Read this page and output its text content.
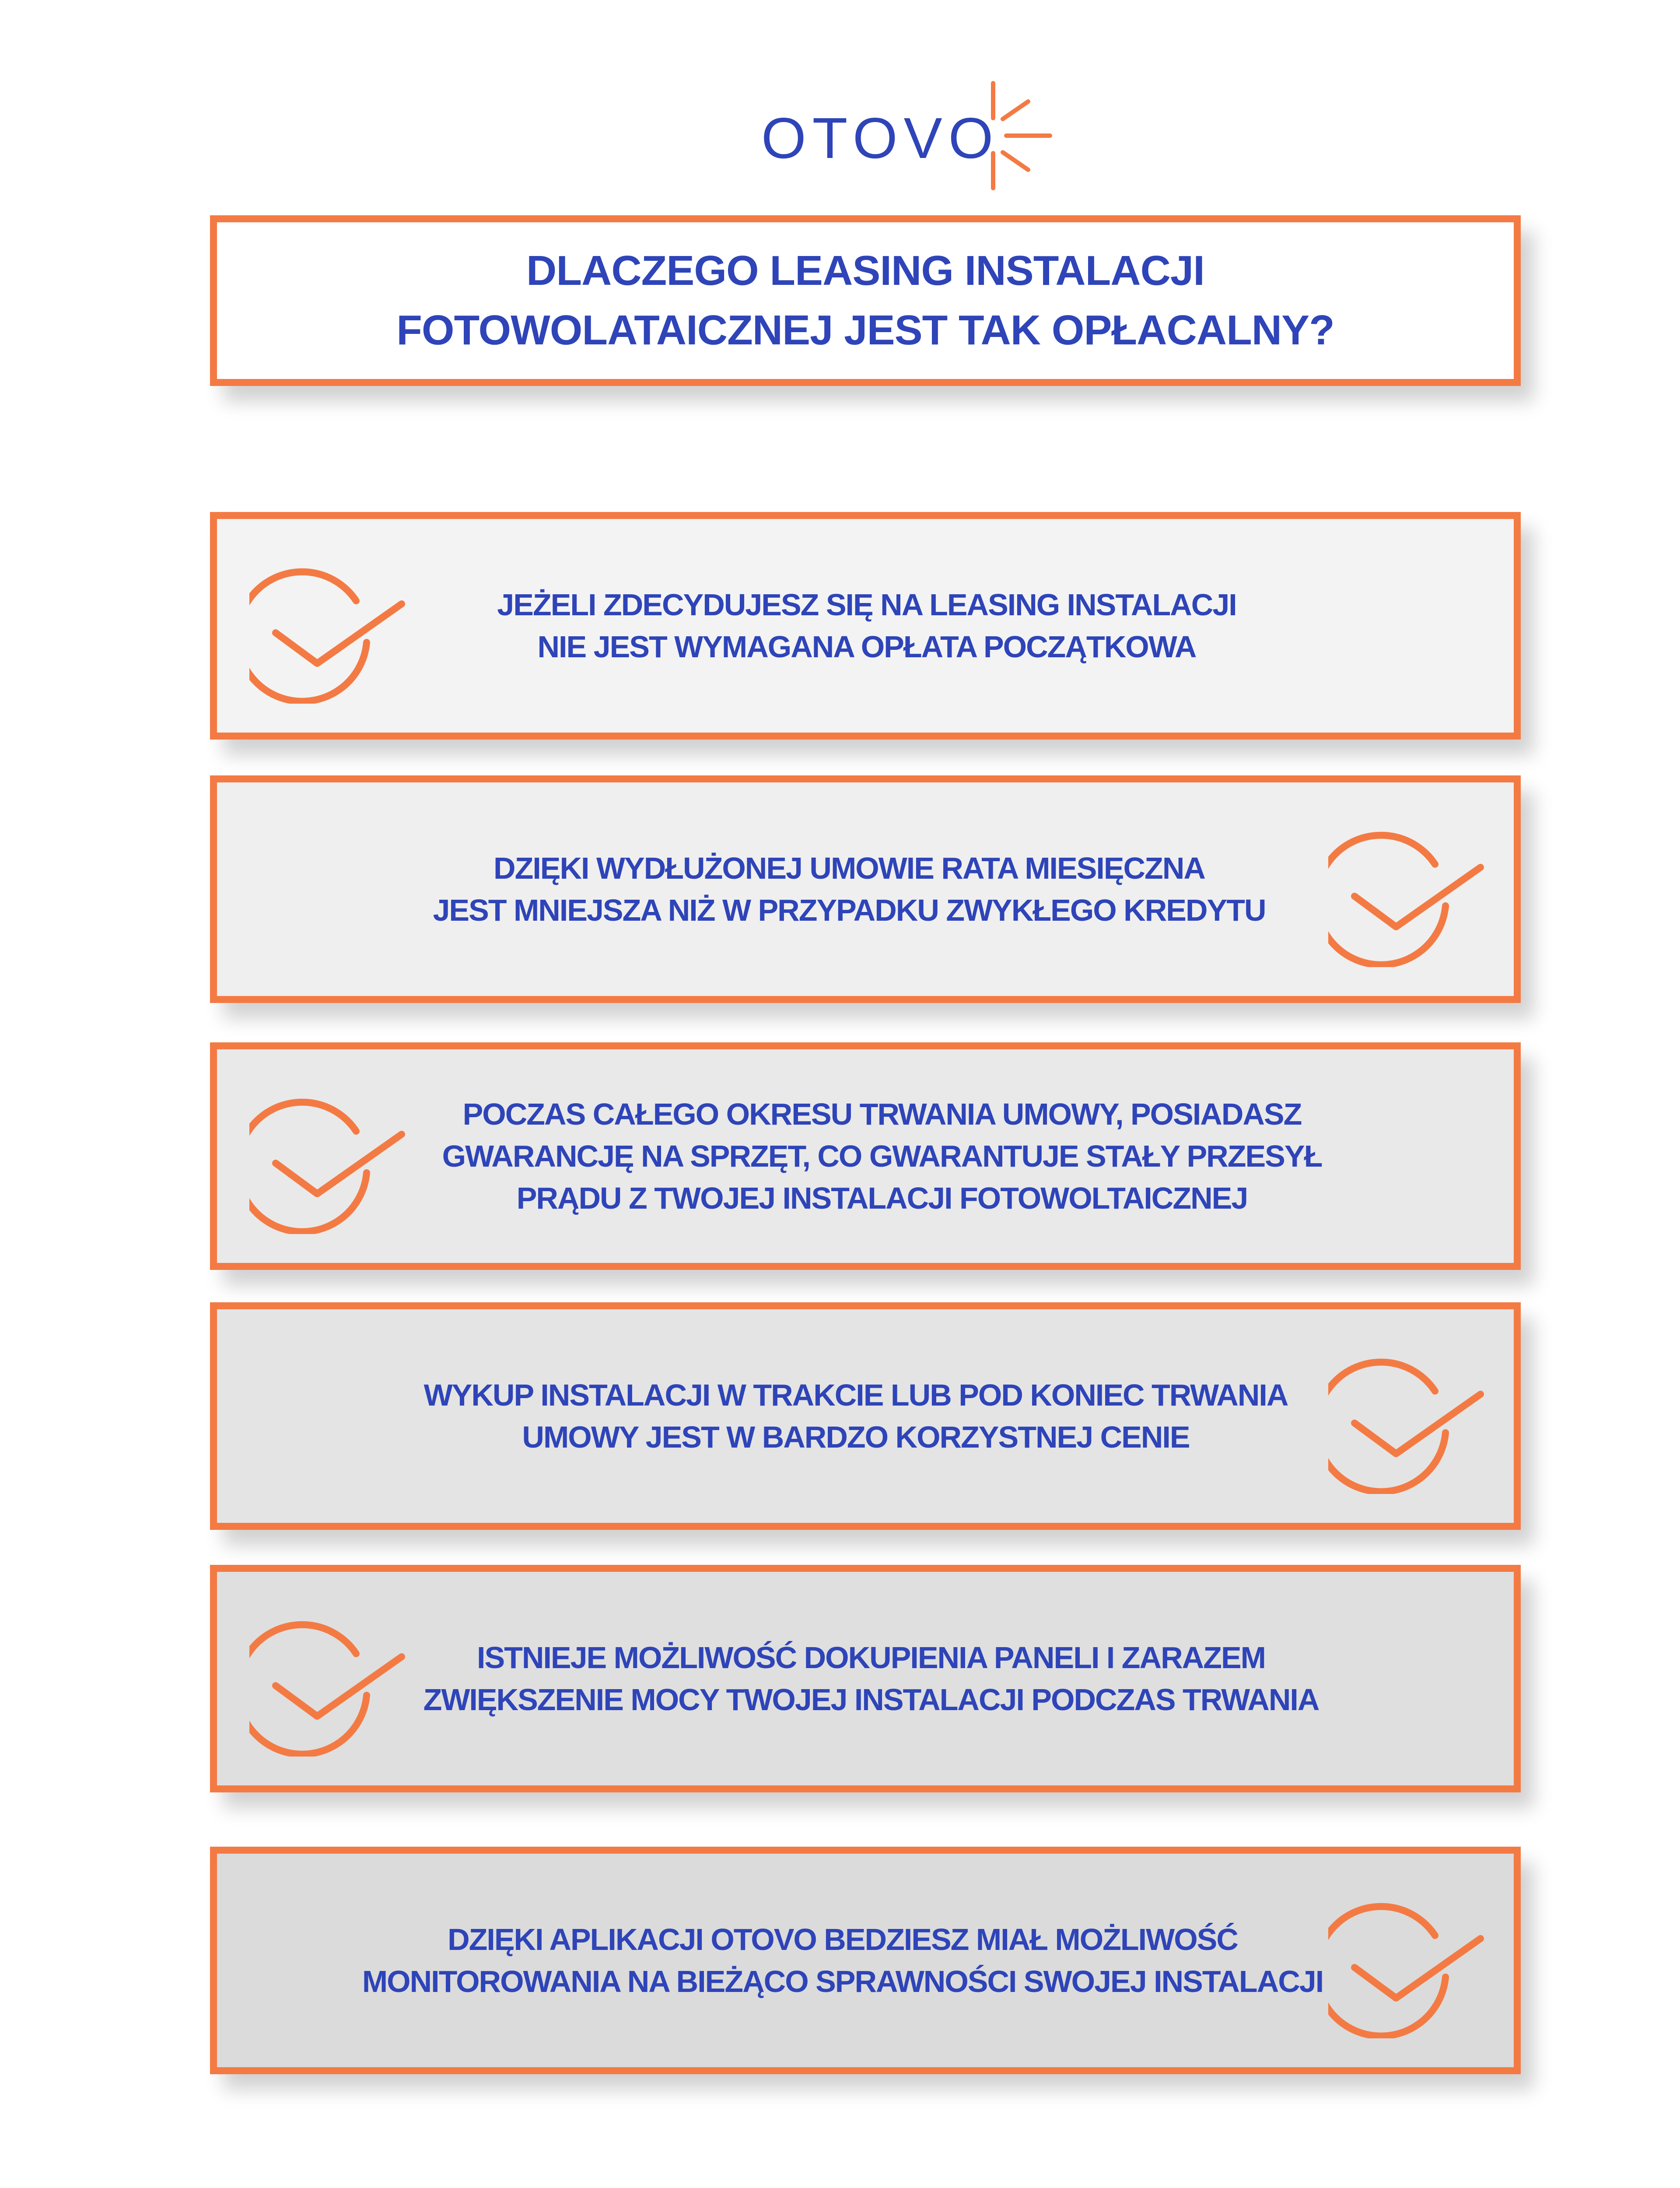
OTOVO
DLACZEGO LEASING INSTALACJI
FOTOWOLATAICZNEJ JEST TAK OPŁACALNY?
JEŻELI ZDECYDUJESZ SIĘ NA LEASING INSTALACJI
NIE JEST WYMAGANA OPŁATA POCZĄTKOWA
DZIĘKI WYDŁUŻONEJ UMOWIE RATA MIESIĘCZNA
JEST MNIEJSZA NIŻ W PRZYPADKU ZWYKŁEGO KREDYTU
POCZAS CAŁEGO OKRESU TRWANIA UMOWY, POSIADASZ
GWARANCJĘ NA SPRZĘT, CO GWARANTUJE STAŁY PRZESYŁ
PRĄDU Z TWOJEJ INSTALACJI FOTOWOLTAICZNEJ
WYKUP INSTALACJI W TRAKCIE LUB POD KONIEC TRWANIA
UMOWY JEST W BARDZO KORZYSTNEJ CENIE
ISTNIEJE MOŻLIWOŚĆ DOKUPIENIA PANELI I ZARAZEM
ZWIĘKSZENIE MOCY TWOJEJ INSTALACJI PODCZAS TRWANIA
DZIĘKI APLIKACJI OTOVO BEDZIESZ MIAŁ MOŻLIWOŚĆ
MONITOROWANIA NA BIEŻĄCO SPRAWNOŚCI SWOJEJ INSTALACJI
